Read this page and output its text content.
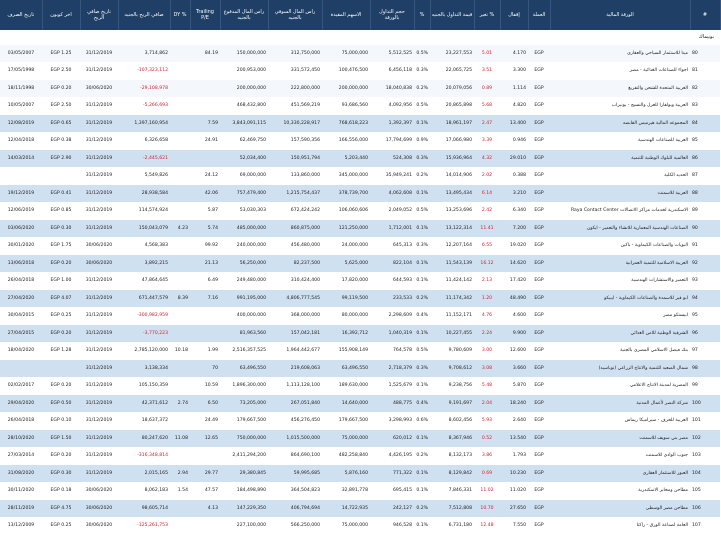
تاريخ الصرف	اخر كوبون	تاريخ صافي الربح	صافي الربح بالجنيه	DY %	Trailing P/E	راس المال المدفوع بالجنيه	راس المال السوقي بالجنيه	الاسهم المقيدة	حجم التداول بالورقة	%	قيمة التداول بالجنيه	تغير %	إقفال	العملة	الورقة المالية	#
بونيماك																
03/05/2007	EGP 1.25	31/12/2019	3,714,862		84.19	150,000,000	312,750,000	75,000,000	5,512,525	0.5%	23,227,553	5.01	4.170	EGP	مينا للاستثمار السياحي والعقاري	80
17/05/1998	EGP 2.50	31/12/2019	-107,323,112			200,953,000	331,572,450	100,476,500	6,456,118	0.3%	22,065,725	3.51	3.300	EGP	اجواء للصناعات الغذائية - مصر	81
18/11/1998	EGP 0.20	30/06/2020	-29,108,978			200,000,000	222,800,000	200,000,000	18,040,838	0.2%	20,079,056	0.89	1.114	EGP	العربية المتحدة للشحن والتفريغ	82
10/05/2007	EGP 2.50	31/12/2019	-5,266,693			468,432,800	451,569,219	93,686,560	4,092,956	0.5%	20,865,898	5.68	4.820	EGP	العربية وبولفارا للغزل والنسيج - يونيراب	83
12/08/2019	EGP 0.65	31/12/2019	1,397,160,954		7.59	3,843,091,115	10,330,228,917	768,618,223	1,392,397	0.1%	18,961,197	2.47	13.400	EGP	المجموعه المالية هيرميس القابضه	84
12/04/2018	EGP 0.38	31/12/2019	6,326,658		24.91	62,469,750	157,590,356	166,556,000	17,794,699	0.9%	17,066,980	3.39	0.946	EGP	العربية للصناعات الهندسية	85
14/03/2014	EGP 2.90	31/12/2019	-2,445,621			52,034,400	150,951,794	5,203,440	524,308	0.3%	15,936,964	4.32	29.010	EGP	العالمية للبلوك الوطنية للتنمية	86
		31/12/2019	5,549,826		24.12	69,000,000	133,860,000	345,000,000	35,949,241	0.2%	14,014,906	2.02	0.388	EGP	الحديد الكلية	87
19/12/2019	EGP 0.41	31/12/2019	28,938,584		42.06	757,479,400	1,215,754,437	378,739,700	4,062,608	0.1%	13,495,434	6.14	3.210	EGP	العربية للاسمنت	88
12/06/2019	EGP 0.85	31/12/2019	114,574,924		5.87	53,030,303	672,424,242	106,060,606	2,049,052	0.5%	13,253,696	2.42	6.340	EGP	الاسكندرية لخدمات مراكز الاتصالات Raya Contact Center	89
03/06/2020	EGP 0.30	31/12/2019	150,043,079	4.23	5.74	485,000,000	860,875,000	121,250,000	1,712,001	0.1%	13,122,314	11.41	7.200	EGP	الصناعات الهندسية المعمارية للانشاء والتعمير - ايكون	90
30/01/2020	EGP 1.75	30/06/2020	4,568,383		99.92	240,000,000	456,480,000	24,000,000	645,313	0.3%	12,207,164	6.55	19.020	EGP	البويات والصناعات الكيماوية - باكين	91
13/06/2018	EGP 0.20	30/06/2020	3,892,215		21.13	56,250,000	82,237,500	5,625,000	822,104	0.1%	11,543,139	16.12	14.620	EGP	العربية الاسلامية للتنمية العمرانية	92
26/04/2018	EGP 1.00	31/12/2019	47,864,645		6.49	249,480,000	310,424,400	17,820,000	644,593	0.1%	11,424,142	2.13	17.420	EGP	التعمير والاستشارات الهندسية	93
27/04/2020	EGP 4.07	31/12/2019	671,447,579	8.39	7.16	991,195,000	4,806,777,545	99,119,500	233,533	0.2%	11,174,342	1.20	48.490	EGP	ابو قير للاسمدة والصناعات الكيماوية - ايبيكو	94
30/04/2015	EGP 0.25	31/12/2019	-300,982,959			400,000,000	368,000,000	80,000,000	2,298,609	0.4%	11,152,171	4.76	4.600	EGP	ابيستكو مصر	95
27/04/2015	EGP 0.20	31/12/2019	-3,770,223			81,963,560	157,042,181	16,392,712	1,040,319	0.1%	10,227,455	2.24	9.900	EGP	الشرقية الوطنية للامن الغذائي	96
18/04/2020	EGP 1.28	31/12/2019	2,785,120,000	10.18	1.99	2,516,357,525	1,964,442,677	155,908,149	764,578	0.5%	9,780,609	3.00	12.600	EGP	بنك فيصل الاسلامي المصري بالجنية	97
		31/12/2019	3,138,334		70	63,496,550	219,608,063	63,496,550	2,718,379	0.3%	9,708,612	3.08	3.660	EGP	شمال الصعيد للتنمية والانتاج الزراعي (نوباسيد)	98
02/02/2017	EGP 0.20	31/12/2019	105,150,359		10.59	1,896,300,000	1,113,128,100	189,630,000	1,525,679	0.1%	9,238,756	5.48	5.870	EGP	المصرية لمدينة الانتاج الاعلامي	99
29/04/2020	EGP 0.50	31/12/2019	42,371,612	2.74	6.50	73,205,000	267,051,840	14,640,000	488,775	0.4%	9,191,697	2.04	18.240	EGP	شركة النصر لأعمال المدنية	100
26/04/2018	EGP 0.10	31/12/2019	18,637,372		24.49	179,667,500	456,276,450	179,667,500	3,298,993	0.6%	8,602,456	5.93	2.640	EGP	العربية للخزف - سيراميكا ريماس	101
28/10/2020	EGP 1.50	31/12/2019	80,247,620	11.08	12.65	750,000,000	1,015,500,000	75,000,000	620,012	0.1%	8,367,946	0.52	13.540	EGP	مصر بني سويف للاسمنت	102
27/03/2014	EGP 0.20	31/12/2019	-316,348,814			2,411,294,200	864,690,100	482,258,840	4,426,195	0.2%	8,132,173	3.86	1.793	EGP	جنوب الوادي للاسمنت	103
31/08/2020	EGP 0.30	31/12/2019	2,015,165	2.94	29.77	29,380,845	59,995,685	5,876,160	771,322	0.1%	8,129,842	0.69	10.230	EGP	العبور للاستثمار العقاري	104
30/11/2020	EGP 0.18	30/06/2020	8,062,183	1.54	47.57	184,498,890	364,504,823	32,891,778	695,415	0.1%	7,846,331	11.02	11.020	EGP	مطاحن ومخابز الاسكندرية	105
28/11/2019	EGP 4.75	30/06/2020	98,605,714		4.13	147,229,350	406,794,694	14,722,935	242,127	0.2%	7,512,808	10.70	27.650	EGP	مطاحن مصر الوسطى	106
13/12/2009	EGP 0.25	30/06/2020	-125,261,753			227,100,000	566,250,000	75,000,000	946,528	0.1%	6,731,180	12.48	7.550	EGP	العامة لصناعة الورق - راكتا	107
